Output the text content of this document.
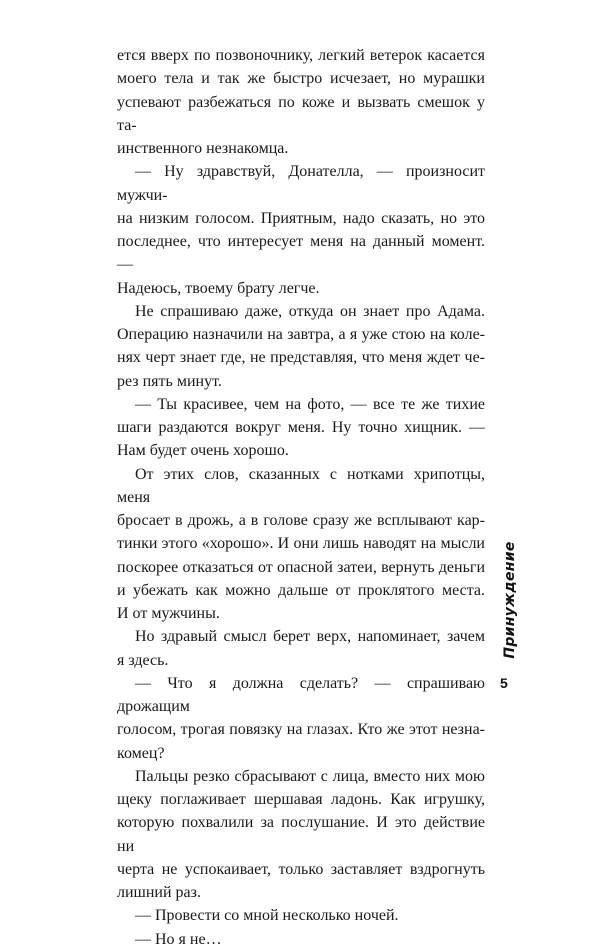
ется вверх по позвоночнику, легкий ветерок касается
моего тела и так же быстро исчезает, но мурашки
успевают разбежаться по коже и вызвать смешок у та-
инственного незнакомца.
— Ну здравствуй, Донателла, — произносит мужчи-
на низким голосом. Приятным, надо сказать, но это
последнее, что интересует меня на данный момент. —
Надеюсь, твоему брату легче.
Не спрашиваю даже, откуда он знает про Адама.
Операцию назначили на завтра, а я уже стою на коле-
нях черт знает где, не представляя, что меня ждет че-
рез пять минут.
— Ты красивее, чем на фото, — все те же тихие
шаги раздаются вокруг меня. Ну точно хищник. —
Нам будет очень хорошо.
От этих слов, сказанных с нотками хрипотцы, меня
бросает в дрожь, а в голове сразу же всплывают кар-
тинки этого «хорошо». И они лишь наводят на мысли
поскорее отказаться от опасной затеи, вернуть деньги
и убежать как можно дальше от проклятого места.
И от мужчины.
Но здравый смысл берет верх, напоминает, зачем
я здесь.
— Что я должна сделать? — спрашиваю дрожащим
голосом, трогая повязку на глазах. Кто же этот незна-
комец?
Пальцы резко сбрасывают с лица, вместо них мою
щеку поглаживает шершавая ладонь. Как игрушку,
которую похвалили за послушание. И это действие ни
черта не успокаивает, только заставляет вздрогнуть
лишний раз.
— Провести со мной несколько ночей.
— Но я не…
Принуждение
5
